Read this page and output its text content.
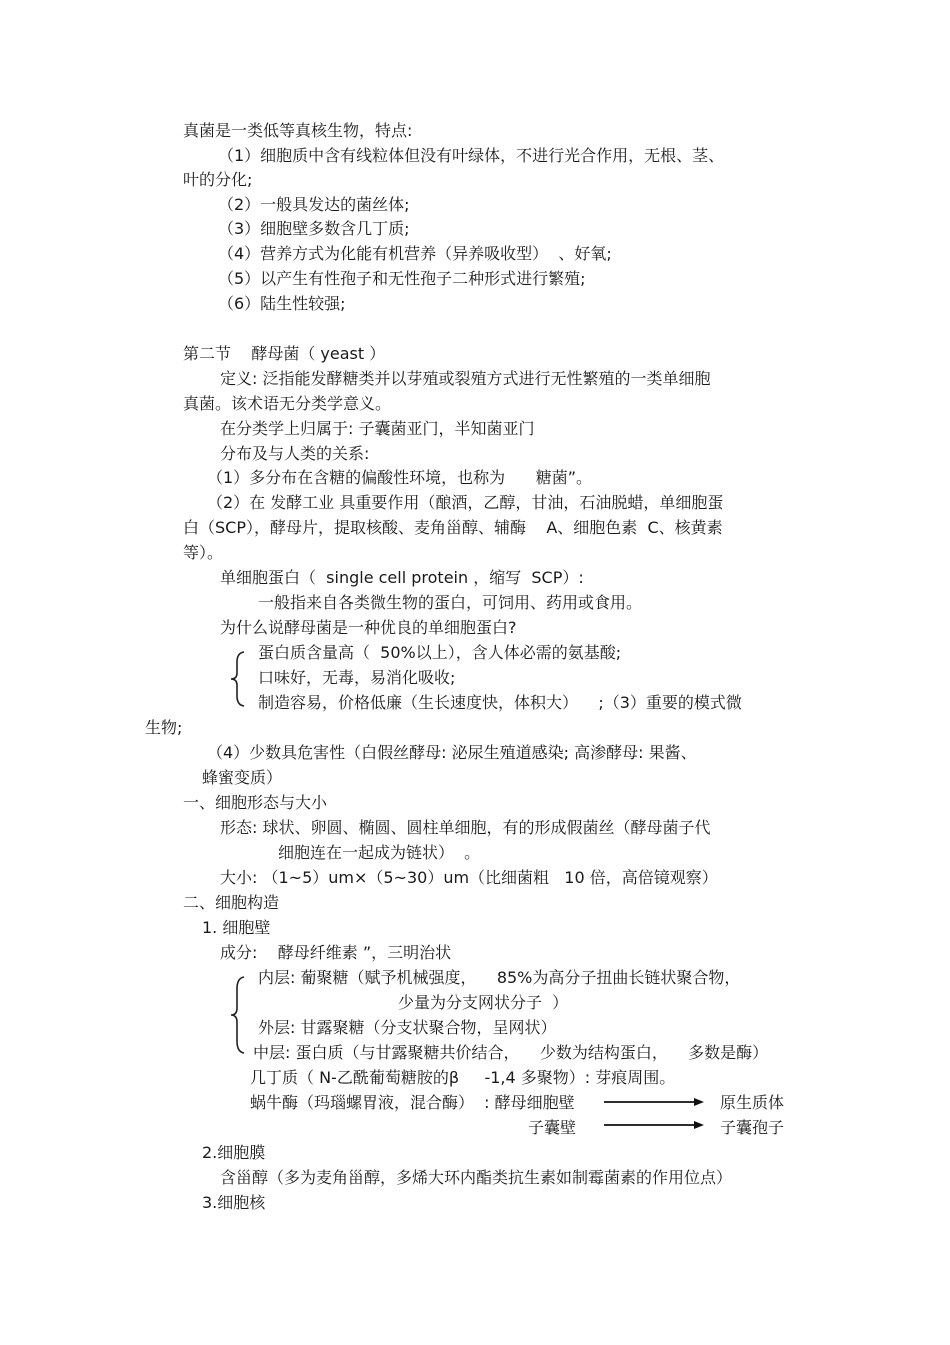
真菌是一类低等真核生物，特点:
（1）细胞质中含有线粒体但没有叶绿体，不进行光合作用，无根、茎、
叶的分化;
（2）一般具发达的菌丝体;
（3）细胞壁多数含几丁质;
（4）营养方式为化能有机营养（异养吸收型）  、好氧;
（5）以产生有性孢子和无性孢子二种形式进行繁殖;
（6）陆生性较强;
第二节    酵母菌（ yeast ）
定义: 泛指能发酵糖类并以芽殖或裂殖方式进行无性繁殖的一类单细胞
真菌。该术语无分类学意义。
在分类学上归属于: 子囊菌亚门，半知菌亚门
分布及与人类的关系:
（1）多分布在含糖的偏酸性环境，也称为      糖菌”。
（2）在 发酵工业 具重要作用（酿酒，乙醇，甘油，石油脱蜡，单细胞蛋
白（SCP），酵母片，提取核酸、麦角甾醇、辅酶    A、细胞色素  C、核黄素
等）。
单细胞蛋白（  single cell protein ，缩写  SCP）:
一般指来自各类微生物的蛋白，可饲用、药用或食用。
为什么说酵母菌是一种优良的单细胞蛋白?
蛋白质含量高（  50%以上），含人体必需的氨基酸;
口味好，无毒，易消化吸收;
制造容易，价格低廉（生长速度快，体积大）    ;（3）重要的模式微
生物;
（4）少数具危害性（白假丝酵母: 泌尿生殖道感染; 高渗酵母: 果酱、
蜂蜜变质）
一、细胞形态与大小
形态: 球状、卵圆、椭圆、圆柱单细胞，有的形成假菌丝（酵母菌子代
细胞连在一起成为链状）  。
大小: （1~5）um×（5~30）um（比细菌粗   10 倍，高倍镜观察）
二、细胞构造
1. 细胞壁
成分:    酵母纤维素 ”，三明治状
内层: 葡聚糖（赋予机械强度，    85%为高分子扭曲长链状聚合物，
少量为分支网状分子  ）
外层: 甘露聚糖（分支状聚合物，呈网状）
中层: 蛋白质（与甘露聚糖共价结合，    少数为结构蛋白，    多数是酶）
几丁质（ N-乙酰葡萄糖胺的β     -1,4 多聚物）: 芽痕周围。
蜗牛酶（玛瑙螺胃液，混合酶）  : 酵母细胞壁	原生质体
子囊壁	子囊孢子
2.细胞膜
含甾醇（多为麦角甾醇，多烯大环内酯类抗生素如制霉菌素的作用位点）
3.细胞核
